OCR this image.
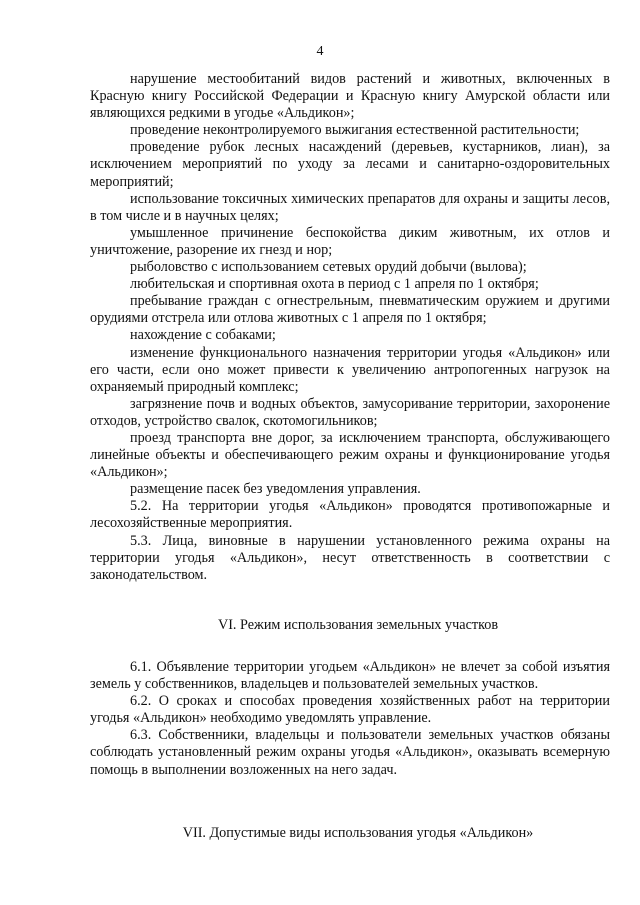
4

нарушение местообитаний видов растений и животных, включенных в Красную книгу Российской Федерации и Красную книгу Амурской области или являющихся редкими в угодье «Альдикон»;

проведение неконтролируемого выжигания естественной растительности;

проведение рубок лесных насаждений (деревьев, кустарников, лиан), за исключением мероприятий по уходу за лесами и санитарно-оздоровительных мероприятий;

использование токсичных химических препаратов для охраны и защиты лесов, в том числе и в научных целях;

умышленное причинение беспокойства диким животным, их отлов и уничтожение, разорение их гнезд и нор;

рыболовство с использованием сетевых орудий добычи (вылова);

любительская и спортивная охота в период с 1 апреля по 1 октября;

пребывание граждан с огнестрельным, пневматическим оружием и другими орудиями отстрела или отлова животных с 1 апреля по 1 октября;

нахождение с собаками;

изменение функционального назначения территории угодья «Альдикон» или его части, если оно может привести к увеличению антропогенных нагрузок на охраняемый природный комплекс;

загрязнение почв и водных объектов, замусоривание территории, захоронение отходов, устройство свалок, скотомогильников;

проезд транспорта вне дорог, за исключением транспорта, обслуживающего линейные объекты и обеспечивающего режим охраны и функционирование угодья «Альдикон»;

размещение пасек без уведомления управления.

5.2. На территории угодья «Альдикон» проводятся противопожарные и лесохозяйственные мероприятия.

5.3. Лица, виновные в нарушении установленного режима охраны на территории угодья «Альдикон», несут ответственность в соответствии с законодательством.

VI. Режим использования земельных участков

6.1. Объявление территории угодьем «Альдикон» не влечет за собой изъятия земель у собственников, владельцев и пользователей земельных участков.

6.2. О сроках и способах проведения хозяйственных работ на территории угодья «Альдикон» необходимо уведомлять управление.

6.3. Собственники, владельцы и пользователи земельных участков обязаны соблюдать установленный режим охраны угодья «Альдикон», оказывать всемерную помощь в выполнении возложенных на него задач.

VII. Допустимые виды использования угодья «Альдикон»
